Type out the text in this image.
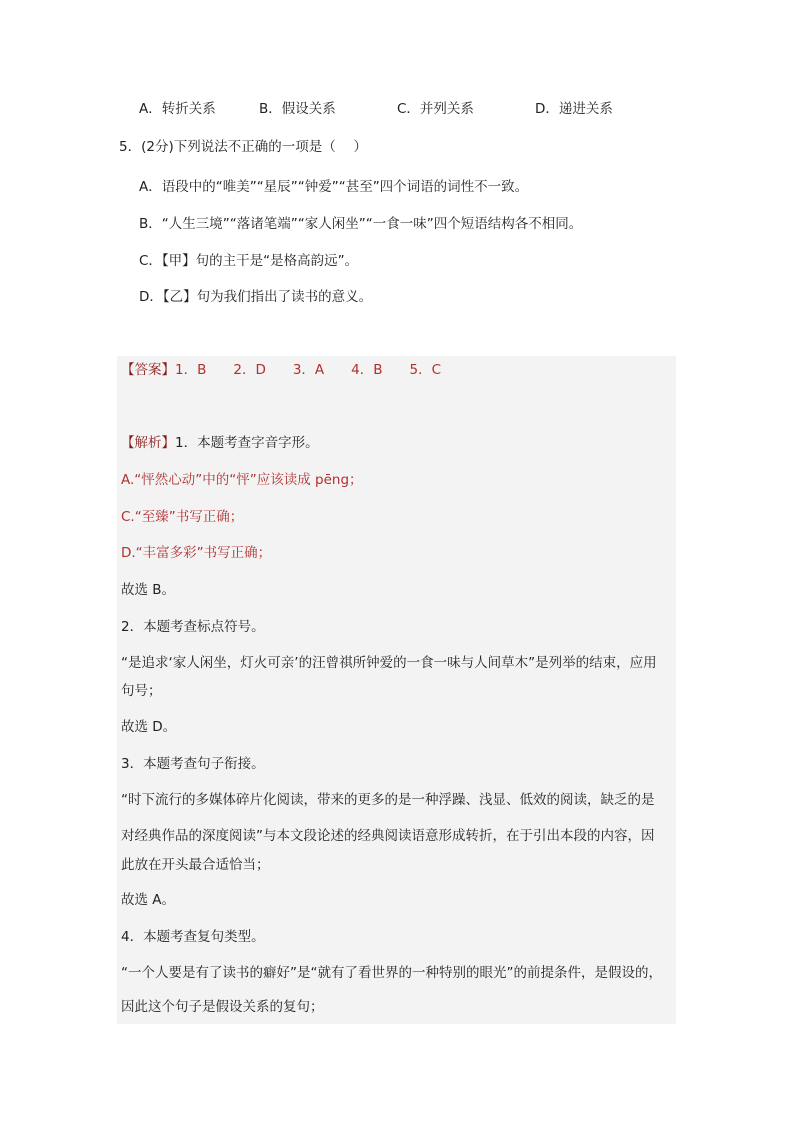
A．转折关系	B．假设关系	C．并列关系	D．递进关系
5．(2分)下列说法不正确的一项是（　 ）
A．语段中的“唯美”“星辰”“钟爱”“甚至”四个词语的词性不一致。
B．“人生三境”“落诸笔端”“家人闲坐”“一食一味”四个短语结构各不相同。
C．【甲】句的主干是“是格高韵远”。
D．【乙】句为我们指出了读书的意义。
【答案】1．B　　2．D　　3．A　　4．B　　5．C
【解析】1．本题考查字音字形。
A.“怦然心动”中的“怦”应该读成 pēng；
C.“至臻”书写正确；
D.“丰富多彩”书写正确；
故选 B。
2．本题考查标点符号。
“是追求‘家人闲坐，灯火可亲’的汪曾祺所钟爱的一食一味与人间草木”是列举的结束，应用
句号；
故选 D。
3．本题考查句子衔接。
“时下流行的多媒体碎片化阅读，带来的更多的是一种浮躁、浅显、低效的阅读，缺乏的是
对经典作品的深度阅读”与本文段论述的经典阅读语意形成转折，在于引出本段的内容，因
此放在开头最合适恰当；
故选 A。
4．本题考查复句类型。
“一个人要是有了读书的癖好”是“就有了看世界的一种特别的眼光”的前提条件，是假设的，
因此这个句子是假设关系的复句；
